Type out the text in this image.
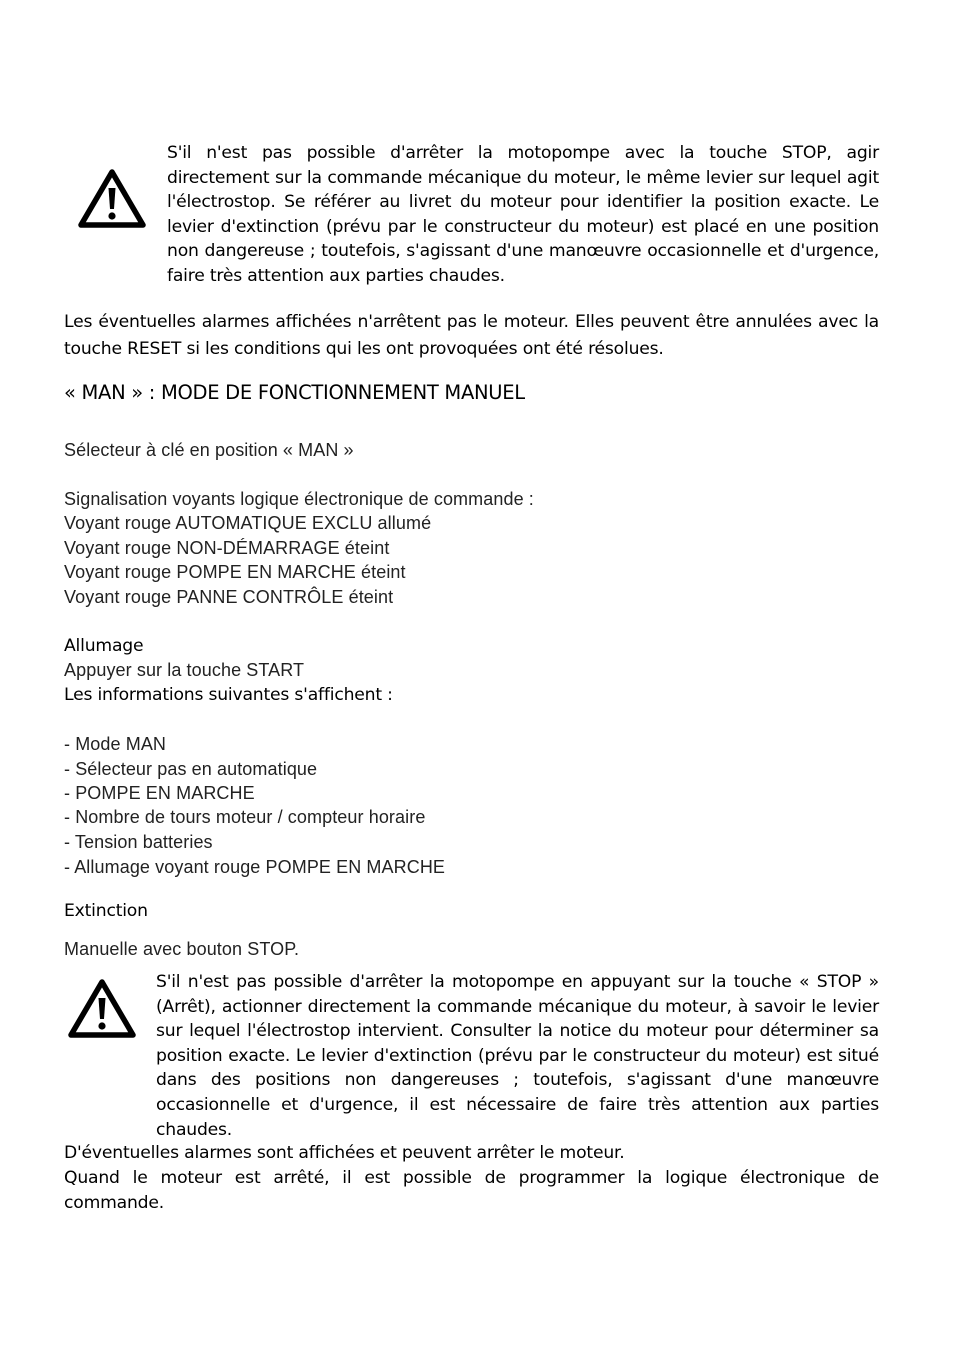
S'il n'est pas possible d'arrêter la motopompe avec la touche STOP, agir directement sur la commande mécanique du moteur, le même levier sur lequel agit l'électrostop. Se référer au livret du moteur pour identifier la position exacte. Le levier d'extinction (prévu par le constructeur du moteur) est placé en une position non dangereuse ; toutefois, s'agissant d'une manœuvre occasionnelle et d'urgence, faire très attention aux parties chaudes.
Les éventuelles alarmes affichées n'arrêtent pas le moteur. Elles peuvent être annulées avec la touche RESET si les conditions qui les ont provoquées ont été résolues.
« MAN » : MODE DE FONCTIONNEMENT MANUEL
Sélecteur à clé en position « MAN »
Signalisation voyants logique électronique de commande :
Voyant rouge AUTOMATIQUE EXCLU allumé
Voyant rouge NON-DÉMARRAGE éteint
Voyant rouge POMPE EN MARCHE éteint
Voyant rouge PANNE CONTRÔLE éteint
Allumage
Appuyer sur la touche START
Les informations suivantes s'affichent :
- Mode MAN
- Sélecteur pas en automatique
- POMPE EN MARCHE
- Nombre de tours moteur / compteur horaire
- Tension batteries
- Allumage voyant rouge POMPE EN MARCHE
Extinction
Manuelle avec bouton STOP.
S'il n'est pas possible d'arrêter la motopompe en appuyant sur la touche « STOP » (Arrêt), actionner directement la commande mécanique du moteur, à savoir le levier sur lequel l'électrostop intervient. Consulter la notice du moteur pour déterminer sa position exacte. Le levier d'extinction (prévu par le constructeur du moteur) est situé dans des positions non dangereuses ; toutefois, s'agissant d'une manœuvre occasionnelle et d'urgence, il est nécessaire de faire très attention aux parties chaudes.
D'éventuelles alarmes sont affichées et peuvent arrêter le moteur.
Quand le moteur est arrêté, il est possible de programmer la logique électronique de commande.
